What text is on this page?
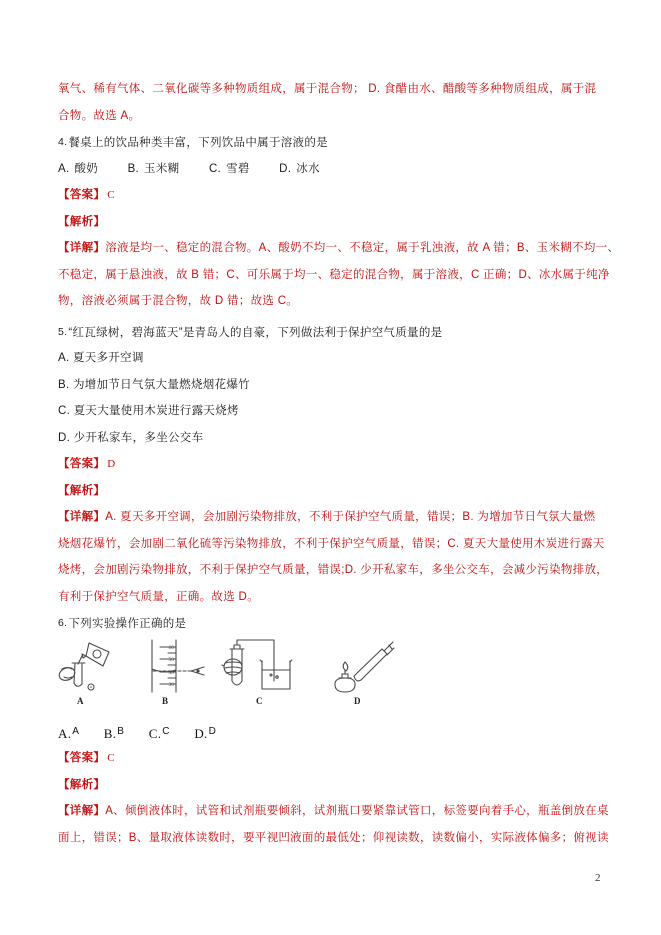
氧气、稀有气体、二氧化碳等多种物质组成，属于混合物； D. 食醋由水、醋酸等多种物质组成，属于混

合物。故选 A。

4.餐桌上的饮品种类丰富，下列饮品中属于溶液的是

A. 酸奶	B. 玉米糊	C. 雪碧	D. 冰水

【答案】 C

【解析】

【详解】溶液是均一、稳定的混合物。A、酸奶不均一、不稳定，属于乳浊液，故 A 错；B、玉米糊不均一、

不稳定，属于悬浊液，故 B 错；C、可乐属于均一、稳定的混合物，属于溶液，C 正确；D、冰水属于纯净

物，溶液必须属于混合物，故 D 错；故选 C。

5.“红瓦绿树，碧海蓝天”是青岛人的自豪，下列做法利于保护空气质量的是

A. 夏天多开空调

B. 为增加节日气氛大量燃烧烟花爆竹

C. 夏天大量使用木炭进行露天烧烤

D. 少开私家车，多坐公交车

【答案】 D

【解析】

【详解】A. 夏天多开空调，会加剧污染物排放，不利于保护空气质量，错误；B. 为增加节日气氛大量燃

烧烟花爆竹，会加剧二氧化硫等污染物排放，不利于保护空气质量，错误；C. 夏天大量使用木炭进行露天

烧烤，会加剧污染物排放，不利于保护空气质量，错误;D. 少开私家车，多坐公交车，会减少污染物排放，

有利于保护空气质量，正确。故选 D。

6.下列实验操作正确的是

A
60
50
40
30
B	C	D

A.A B.B C.C D.D

【答案】 C

【解析】

【详解】A、倾倒液体时，试管和试剂瓶要倾斜，试剂瓶口要紧靠试管口，标签要向着手心，瓶盖倒放在桌

面上，错误；B、量取液体读数时，要平视凹液面的最低处；仰视读数，读数偏小，实际液体偏多；俯视读

2
